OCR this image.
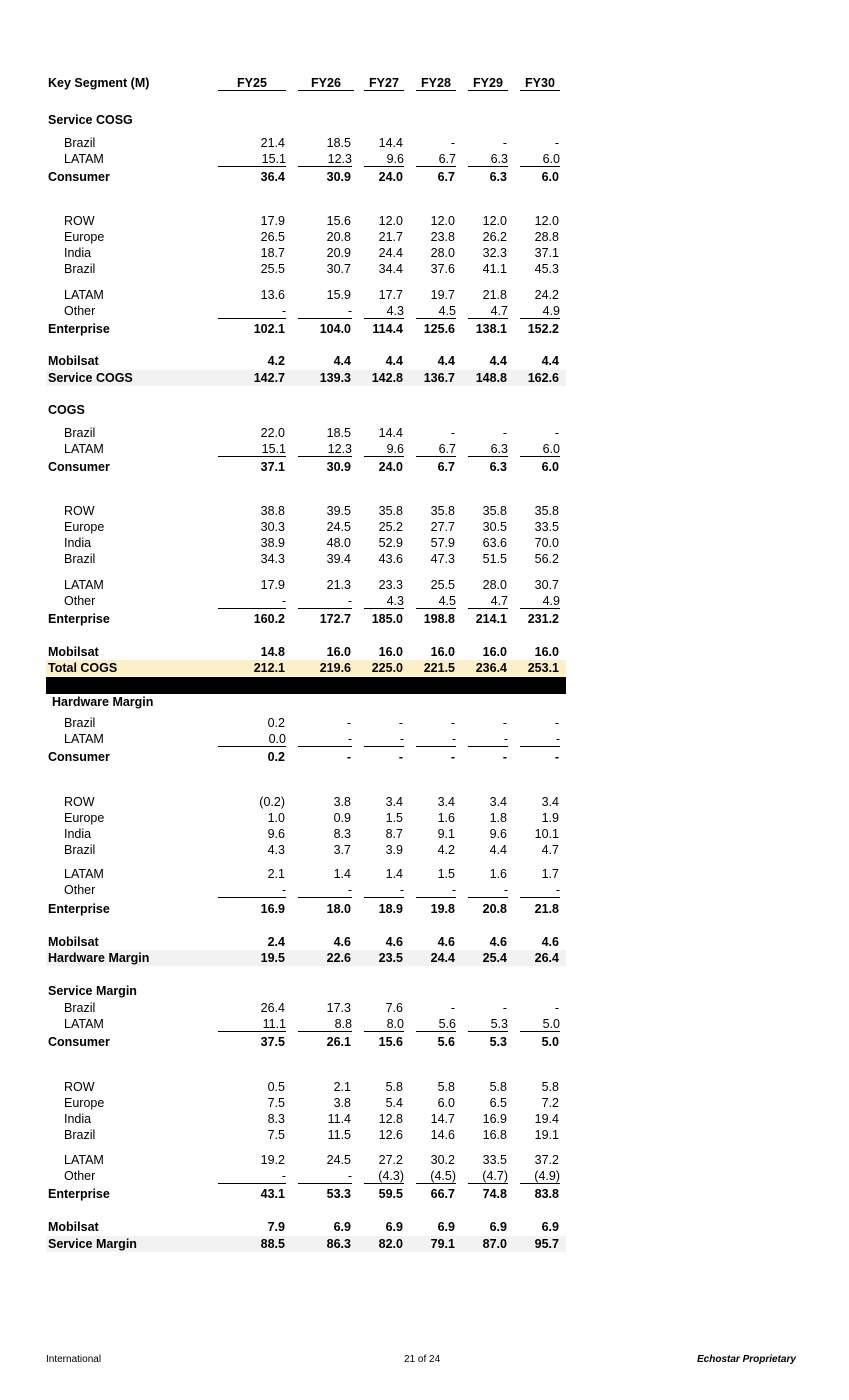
Key Segment (M)	FY25	FY26	FY27	FY28	FY29	FY30
Service COSG
Brazil	21.4	18.5	14.4	-	-	-
LATAM	15.1	12.3	9.6	6.7	6.3	6.0
Consumer	36.4	30.9	24.0	6.7	6.3	6.0
ROW	17.9	15.6	12.0	12.0	12.0	12.0
Europe	26.5	20.8	21.7	23.8	26.2	28.8
India	18.7	20.9	24.4	28.0	32.3	37.1
Brazil	25.5	30.7	34.4	37.6	41.1	45.3
LATAM	13.6	15.9	17.7	19.7	21.8	24.2
Other	-	-	4.3	4.5	4.7	4.9
Enterprise	102.1	104.0	114.4	125.6	138.1	152.2
Mobilsat	4.2	4.4	4.4	4.4	4.4	4.4
Service COGS	142.7	139.3	142.8	136.7	148.8	162.6
COGS
Brazil	22.0	18.5	14.4	-	-	-
LATAM	15.1	12.3	9.6	6.7	6.3	6.0
Consumer	37.1	30.9	24.0	6.7	6.3	6.0
ROW	38.8	39.5	35.8	35.8	35.8	35.8
Europe	30.3	24.5	25.2	27.7	30.5	33.5
India	38.9	48.0	52.9	57.9	63.6	70.0
Brazil	34.3	39.4	43.6	47.3	51.5	56.2
LATAM	17.9	21.3	23.3	25.5	28.0	30.7
Other	-	-	4.3	4.5	4.7	4.9
Enterprise	160.2	172.7	185.0	198.8	214.1	231.2
Mobilsat	14.8	16.0	16.0	16.0	16.0	16.0
Total COGS	212.1	219.6	225.0	221.5	236.4	253.1
Hardware Margin
Brazil	0.2	-	-	-	-	-
LATAM	0.0	-	-	-	-	-
Consumer	0.2	-	-	-	-	-
ROW	(0.2)	3.8	3.4	3.4	3.4	3.4
Europe	1.0	0.9	1.5	1.6	1.8	1.9
India	9.6	8.3	8.7	9.1	9.6	10.1
Brazil	4.3	3.7	3.9	4.2	4.4	4.7
LATAM	2.1	1.4	1.4	1.5	1.6	1.7
Other	-	-	-	-	-	-
Enterprise	16.9	18.0	18.9	19.8	20.8	21.8
Mobilsat	2.4	4.6	4.6	4.6	4.6	4.6
Hardware Margin	19.5	22.6	23.5	24.4	25.4	26.4
Service Margin
Brazil	26.4	17.3	7.6	-	-	-
LATAM	11.1	8.8	8.0	5.6	5.3	5.0
Consumer	37.5	26.1	15.6	5.6	5.3	5.0
ROW	0.5	2.1	5.8	5.8	5.8	5.8
Europe	7.5	3.8	5.4	6.0	6.5	7.2
India	8.3	11.4	12.8	14.7	16.9	19.4
Brazil	7.5	11.5	12.6	14.6	16.8	19.1
LATAM	19.2	24.5	27.2	30.2	33.5	37.2
Other	-	-	(4.3)	(4.5)	(4.7)	(4.9)
Enterprise	43.1	53.3	59.5	66.7	74.8	83.8
Mobilsat	7.9	6.9	6.9	6.9	6.9	6.9
Service Margin	88.5	86.3	82.0	79.1	87.0	95.7
International	21 of 24	Echostar Proprietary
